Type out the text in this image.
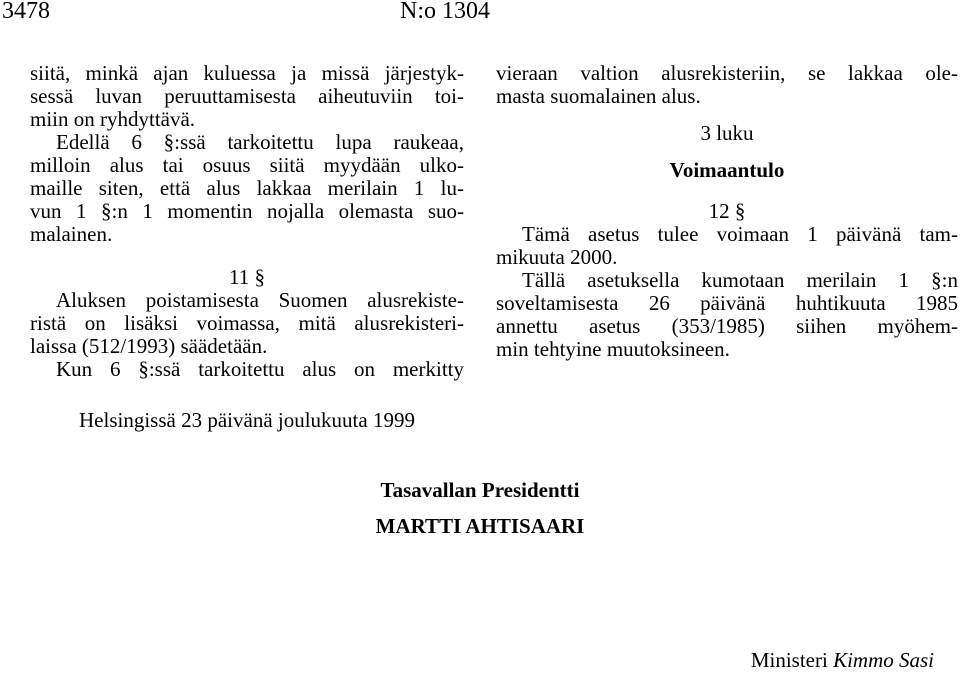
3478	N:o 1304
siitä, minkä ajan kuluessa ja missä järjestyk-
sessä luvan peruuttamisesta aiheutuviin toi-
miin on ryhdyttävä.
Edellä 6 §:ssä tarkoitettu lupa raukeaa,
milloin alus tai osuus siitä myydään ulko-
maille siten, että alus lakkaa merilain 1 lu-
vun 1 §:n 1 momentin nojalla olemasta suo-
malainen.
11 §
Aluksen poistamisesta Suomen alusrekiste-
ristä on lisäksi voimassa, mitä alusrekisteri-
laissa (512/1993) säädetään.
Kun 6 §:ssä tarkoitettu alus on merkitty
vieraan valtion alusrekisteriin, se lakkaa ole-
masta suomalainen alus.
3 luku
Voimaantulo
12 §
Tämä asetus tulee voimaan 1 päivänä tam-
mikuuta 2000.
Tällä asetuksella kumotaan merilain 1 §:n
soveltamisesta 26 päivänä huhtikuuta 1985
annettu asetus (353/1985) siihen myöhem-
min tehtyine muutoksineen.
Helsingissä 23 päivänä joulukuuta 1999
Tasavallan Presidentti
MARTTI AHTISAARI
Ministeri Kimmo Sasi
